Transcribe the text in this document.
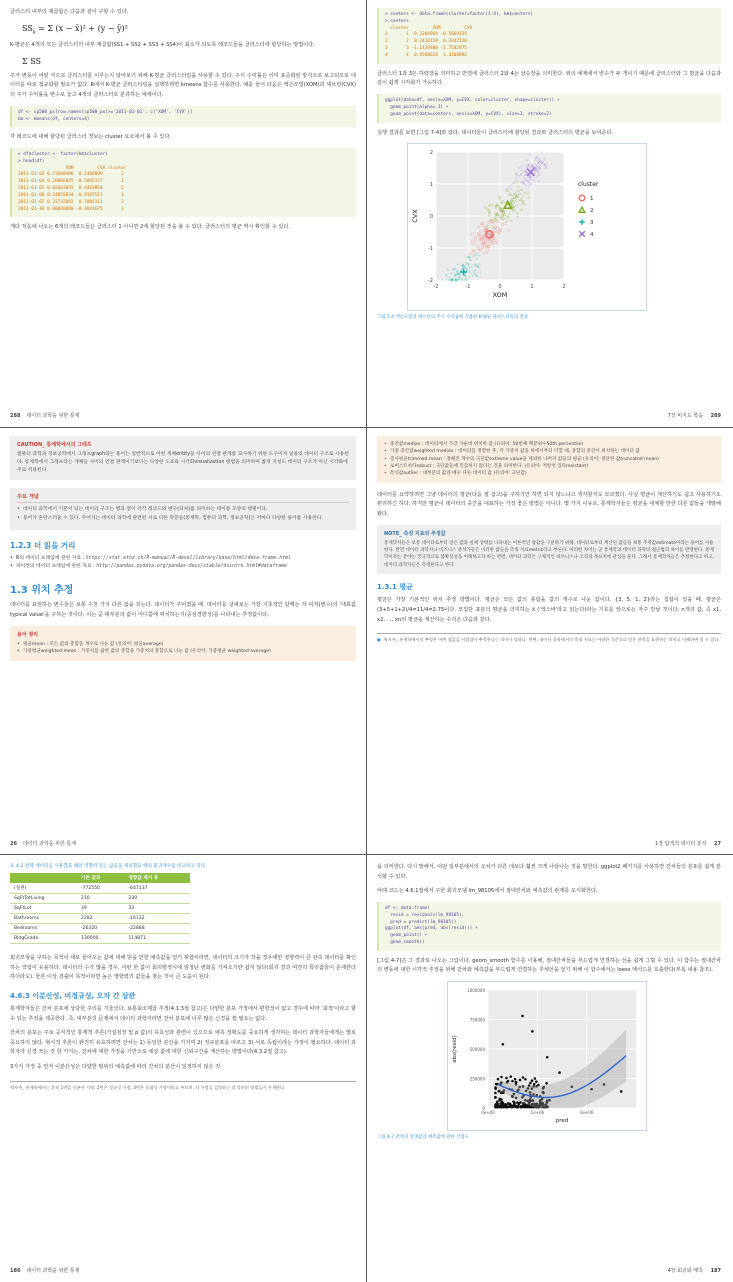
클러스터 내부의 제곱합은 다음과 같이 구할 수 있다.
$SS_k = \Sigma$ (x − x̄)² + (y − ȳ)²
K-평균은 4개의 모든 클러스터의 내부 제곱합(SS1 + SS2 + SS3 + SS4)이 최소가 되도록 레코드들을 클러스터에 할당하는 방법이다.
Σ SS
주가 변동이 어떤 식으로 클러스터를 이루는지 알아보기 위해 K-평균 클러스터링을 사용할 수 있다. 주식 수익률은 이미 표준화된 방식으로 보고되므로 데이터를 따로 정규화할 필요가 없다. R에서 K-평균 클러스터링을 실행하려면 kmeans 함수를 사용한다. 예를 들어 다음은 엑슨모빌(XOM)과 셰브런(CVX)의 주가 수익률을 변수로 놓고 4개의 클러스터로 분류하는 예제이다.
df <- sp500_px[row.names(sp500_px)>='2011-01-01', c('XOM', 'CVX')]
km <- kmeans(df, centers=4)
각 레코드에 대해 할당된 클러스터 정보는 cluster 요소에서 볼 수 있다.
> df$cluster <- factor(km$cluster)
> head(df)
XOM         CVX cluster
2011-01-03 0.73680496  0.2406809       2
2011-01-04 0.16866845 -0.5845157       1
2011-01-05 0.02663055  0.4469854       2
2011-01-06 0.24855834 -0.9197513       1
2011-01-07 0.33732892  0.1805111       2
2011-01-10 0.00000000 -0.4641675       1
게다 처음에 나오는 6개의 레코드들은 클러스터 1 아니면 2에 할당된 것을 볼 수 있다. 클러스터의 평균 역시 확인할 수 있다.
288 데이터 과학을 위한 통계
> centers <- data.frame(cluster=factor(1:4), km$centers)
> centers
cluster         XOM         CVX
1       1 -0.3284864 -0.5669135
2       2  0.2410159  0.3342130
3       3 -1.1439800 -1.7502975
4       4  0.9568628  1.3708892
클러스터 1과 3은 하락장을 의미하고 반면에 클러스터 2와 4는 상승장을 의미한다. 위의 예제에서 변수가 두 개이기 때문에 클러스터와 그 평균을 다음과 같이 쉽게 시각화가 가능하다.
ggplot(data=df, aes(x=XOM, y=CVX, color=cluster, shape=cluster)) +
geom_point(alpha=.3) +
geom_point(data=centers, aes(x=XOM, y=CVX), size=3, stroke=2)
실행 결과를 보면 [그림 7-4]와 같다. 데이터들이 클러스터에 할당된 결과와 클러스터의 평균을 보여준다.
-2	-1	0	1	2
-2
-1
0
1
2
XOM
CVX
cluster
1
2
3
4
그림 7-4 엑슨모빌과 셰브런의 주식 수익률에 적용한 K-평균 클러스터링의 결과
7장 비지도 학습 289
CAUTION_ 통계학에서의 그래프
컴퓨터 과학과 정보공학에서 그래프graph라는 용어는 일반적으로 어떤 개체entity들 사이의 연결 관계를 묘사하기 위한 도구이자 일종의 데이터 구조로 사용된다. 통계학에서 그래프라는 개체들 사이의 연결 관계이기보다는 다양한 도표와 시각화visualization 방법을 의미하며 좁게 지칭도 데이터 구조가 아닌 시각화에 주로 적용된다.
주요 개념
• 데이터 과학에서 기본이 되는 데이터 구조는 행과 열이 각각 레코드와 변수(피처)를 의미하는 테이블 모양의 행렬이다.
• 용어가 혼란스러울 수 있다. 주어지는 데이터 과학에 관련된 서로 다른 학문들(통계학, 컴퓨터 과학, 정보공학)은 저마다 다양한 용어를 사용한다.
1.2.3 더 읽을 거리
• R의 데이터 프레임에 관한 자료 : https://stat.ethz.ch/R-manual/R-devel/library/base/html/data.frame.html
• 파이썬의 데이터 프레임에 관한 자료 : http://pandas.pydata.org/pandas-docs/stable/dsintro.html#dataframe
1.3 위치 추정
데이터를 표현하는 변수들은 보통 수천 가지 다른 값을 갖는다. 데이터가 주어졌을 때, 데이터를 살펴보는 가장 기초적인 단계는 각 피처(변수)의 '대표값typical value'을 구하는 것이다. 이는 곧 대부분의 값이 어디쯤에 위치하는지(중심경향성)를 나타내는 추정값이다.
용어 정리
• 평균mean : 모든 값의 총합을 개수로 나눈 값 (유의어: 평균average)
• 가중평균weighted mean : 가중치를 곱한 값의 총합을 가중치의 총합으로 나눈 값 (유의어: 가중평균 weighted average)
26 데이터 과학을 위한 통계
• 중간값median : 데이터에서 가장 가운데 위치한 값 (유의어: 50번째 백분위수50th percentile)
• 가중 중간값weighted median : 데이터를 정렬한 후, 각 가중치 값을 위에서부터 더할 때, 총합의 중간이 위치하는 데이터 값
• 절사평균trimmed mean : 정해진 개수의 극단값extreme value을 제외한 나머지 값들의 평균 (유의어: 절단한 값truncated mean)
• 로버스트하다robust : 극단값들에 민감하지 않다는 것을 의미한다. (유의어: 저항성 있다resistant)
• 특잇값outlier : 대부분의 값과 매우 다른 데이터 값 (유의어: 극단값)
데이터를 요약하려면 그냥 데이터의 평균(다음 절 참고)을 구하기만 하면 되지 않느냐고 생각할지도 모르겠다. 사실 평균이 계산하기도 쉽고 사용하기도 편리하긴 하다. 하지만 평균이 데이터의 중간을 대표하는 가장 좋은 방법은 아니다. 몇 가지 이유로, 통계학자들은 평균을 대체할 만한 다른 값들을 개발해왔다.
NOTE_ 측정 지표와 추정값
통계학자들은 보통 데이터로부터 얻은 값과 실제 상태를 나타내는 이론적인 참값을 구분하기 위해, 데이터로부터 계산된 값들을 보통 추정값estimate이라는 용어를 사용한다. 반면 데이터 과학자나 비즈니스 분석가들은 이러한 값들을 측정 지표metric라고 부른다. 이러한 차이는 곧 통계학과 데이터 과학의 접근법의 차이를 반영한다. 통계학이라는 분야는 궁극적으로 불확실성을 이해하고자 하는 반면, 데이터 과학은 구체적인 비즈니스나 조직의 목표치에 관심을 둔다. 그래서 통계학자들은 추정한다고 하고, 데이터 과학자들은 측정한다고 한다.
1.3.1 평균
평균은 가장 기본적인 위치 추정 방법이다. 평균은 모든 값의 총합을 값의 개수로 나눈 값이다. {3, 5, 1, 2}라는 집합이 있을 때, 평균은 (3+5+1+2)/4=11/4=2.75이다. 모집단 표본의 평균을 의미하는 x̄ ('엑스바'라고 읽는다)라는 기호를 앞으로는 자주 만날 것이다. n개의 값, 즉 x1, x2, ..., xn의 평균을 계산하는 수식은 다음과 같다.
● 역자주_ 통계학에서의 추정은 어떤 참값을 어림잡아 추측한다는 의미가 강하다. 반면, 데이터 과학에서의 측정 지표는 어떠한 기준으로 얻은 관측을 표현하는 의미로 이해하면 될 수 있다.
1장 탐색적 데이터 분석 27
표 4-2 전체 데이터를 사용했을 때와 영향력 있는 값들을 제외했을 때의 회귀계수를 비교하고 있다.
	기존 결과	영향값 제거 후
(절편)	-772550	-647137
SqFtTotLiving	210	230
SqFtLot	39	33
Bathrooms	2282	-16132
Bedrooms	-26320	-22888
BldgGrade	130000	114871
회귀모형을 구하는 목적이 새로 들어오는 값에 대해 믿을 만한 예측값을 얻기 위함이라면, 데이터의 크기가 작을 경우에만 영향력이 큰 관측 데이터를 확인하는 작업이 유용하다. 데이터의 수가 많을 경우, 어떤 한 값이 회귀방정식에 엄청난 변화를 가져오기란 쉽지 않다(회귀 결과 여전히 특잇값들이 존재한다 하더라도). 물론 이상 검출이 목적이라면 높은 영향력의 값들을 찾는 것이 큰 도움이 된다.
4.6.3 이분산성, 비정규성, 오차 간 상관
통계학자들은 잔차 분포에 상당한 주의를 기울인다. 보통최소제곱 추정(4.1.3절 참고)은 다양한 분포 가정에서 편향성이 없고 경우에 따라 '최적'이라고 할 수 있는 추정을 제공한다. 즉, 대부분의 문제에서 데이터 과학자라면 잔차 분포에 너무 많은 신경을 쓸 필요는 없다.
잔차의 분포는 주로 공식적인 통계적 추론(가설검정 및 p 값)의 유효성과 관련이 있으므로 예측 정확도를 중요하게 생각하는 데이터 과학자들에게는 별로 중요하지 않다. 형식적 추론이 완전히 유효하려면 잔차는 1) 동일한 분산을 가지며 2) 정규분포를 따르고 3) 서로 독립이라는 가정이 필요하다. 데이터 과학자가 신경 쓰는 것 한 가지는, 잔차에 대한 가정을 기반으로 예상 값에 대한 신뢰구간을 계산하는 방법이다(4.3.2절 참고).
3가지 가정 중 먼저 이분산성은 다양한 범위의 예측값에 따라 잔차의 분산이 일정하지 않은 것
역자주_ 통계학에서는 흔히 1번을 등분산 가정, 2번은 정규성 가정, 3번은 독립성 가정이라고 부르며, 각 가정을 검정하는 잘 알려진 방법들이 존재한다.
186 데이터 과학을 위한 통계
을 의미한다. 다시 말해서, 어떤 일부분에서의 오차가 다른 데보다 훨씬 크게 나타나는 것을 말한다. ggplot2 패키지를 사용하면 잔차들의 분포를 쉽게 분석할 수 있다.
아래 코드는 4.6.1절에서 구한 회귀모델 lm_98105에서 절대잔차와 예측값의 관계를 도식화한다.
df <- data.frame(
resid = residuals(lm_98105),
pred = predict(lm_98105))
ggplot(df, aes(pred, abs(resid))) +
geom_point() +
geom_smooth()
[그림 4-7]은 그 결과로 나오는 그림이다. geom_smooth 함수를 이용해, 절대잔차들을 부드럽게 연결하는 선을 쉽게 그릴 수 있다. 이 함수는 절대잔차의 변동에 대한 시각적 추정을 위해 잔차와 예측값을 부드럽게 연결하는 추세선을 얻기 위해 이 함수에서는 loess 메서드를 호출한다(부록 내용 참조).
0
250000
500000
750000
1000000
0e+00	1e+06	2e+06
pred
abs(resid)
그림 4-7 잔차의 절댓값과 예측값에 관한 산점도
4장 회귀와 예측 187
